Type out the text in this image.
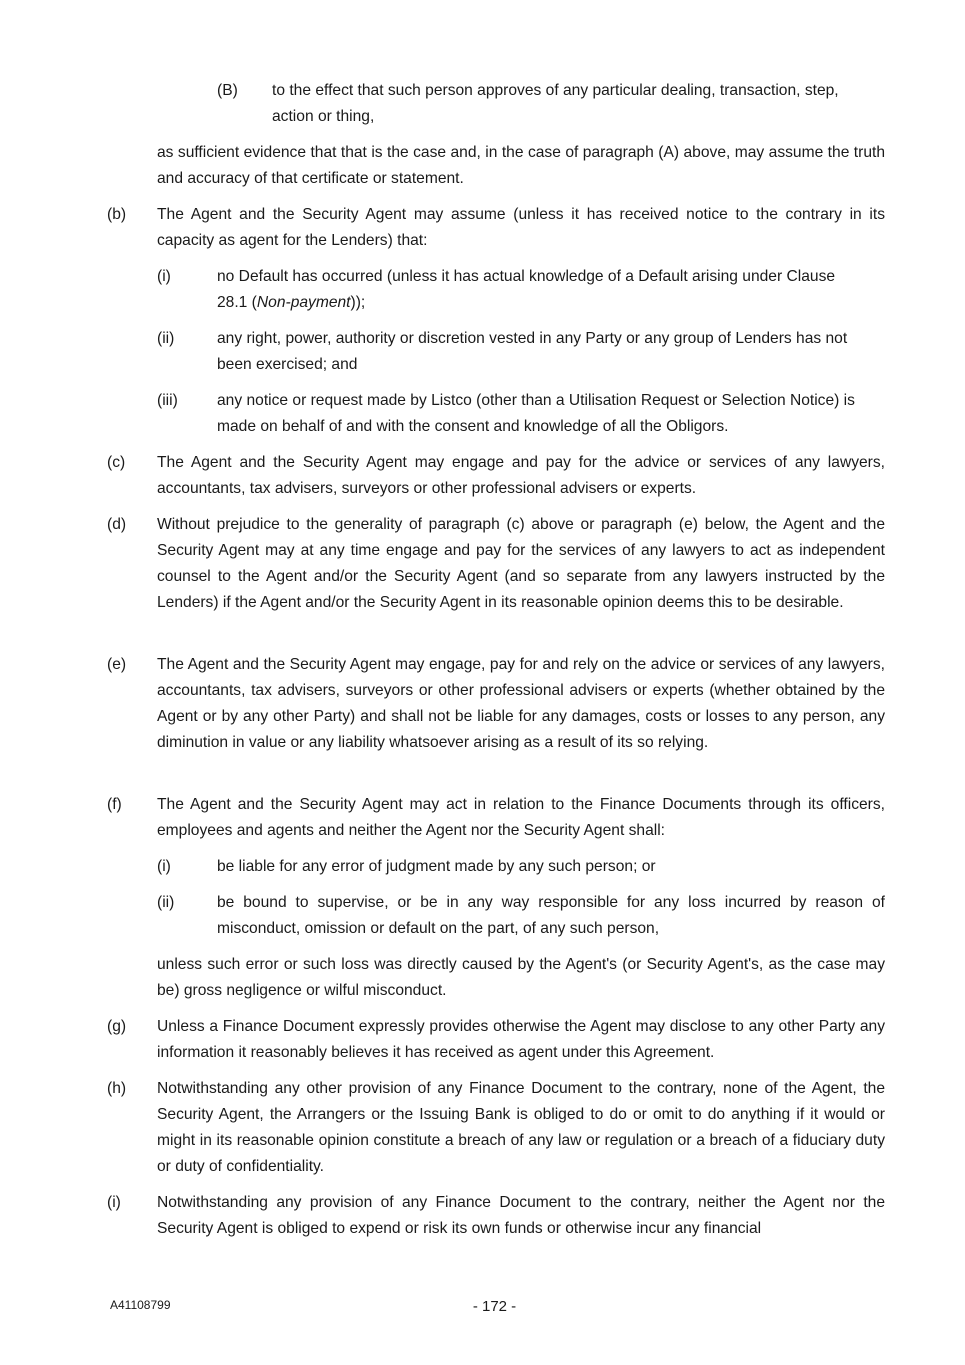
(B) to the effect that such person approves of any particular dealing, transaction, step, action or thing,
as sufficient evidence that that is the case and, in the case of paragraph (A) above, may assume the truth and accuracy of that certificate or statement.
(b) The Agent and the Security Agent may assume (unless it has received notice to the contrary in its capacity as agent for the Lenders) that:
(i)	no Default has occurred (unless it has actual knowledge of a Default arising under Clause 28.1 (Non-payment));
(ii)	any right, power, authority or discretion vested in any Party or any group of Lenders has not been exercised; and
(iii)	any notice or request made by Listco (other than a Utilisation Request or Selection Notice) is made on behalf of and with the consent and knowledge of all the Obligors.
(c) The Agent and the Security Agent may engage and pay for the advice or services of any lawyers, accountants, tax advisers, surveyors or other professional advisers or experts.
(d) Without prejudice to the generality of paragraph (c) above or paragraph (e) below, the Agent and the Security Agent may at any time engage and pay for the services of any lawyers to act as independent counsel to the Agent and/or the Security Agent (and so separate from any lawyers instructed by the Lenders) if the Agent and/or the Security Agent in its reasonable opinion deems this to be desirable.
(e) The Agent and the Security Agent may engage, pay for and rely on the advice or services of any lawyers, accountants, tax advisers, surveyors or other professional advisers or experts (whether obtained by the Agent or by any other Party) and shall not be liable for any damages, costs or losses to any person, any diminution in value or any liability whatsoever arising as a result of its so relying.
(f) The Agent and the Security Agent may act in relation to the Finance Documents through its officers, employees and agents and neither the Agent nor the Security Agent shall:
(i)	be liable for any error of judgment made by any such person; or
(ii)	be bound to supervise, or be in any way responsible for any loss incurred by reason of misconduct, omission or default on the part, of any such person,
unless such error or such loss was directly caused by the Agent's (or Security Agent's, as the case may be) gross negligence or wilful misconduct.
(g) Unless a Finance Document expressly provides otherwise the Agent may disclose to any other Party any information it reasonably believes it has received as agent under this Agreement.
(h) Notwithstanding any other provision of any Finance Document to the contrary, none of the Agent, the Security Agent, the Arrangers or the Issuing Bank is obliged to do or omit to do anything if it would or might in its reasonable opinion constitute a breach of any law or regulation or a breach of a fiduciary duty or duty of confidentiality.
(i) Notwithstanding any provision of any Finance Document to the contrary, neither the Agent nor the Security Agent is obliged to expend or risk its own funds or otherwise incur any financial
A41108799	- 172 -
